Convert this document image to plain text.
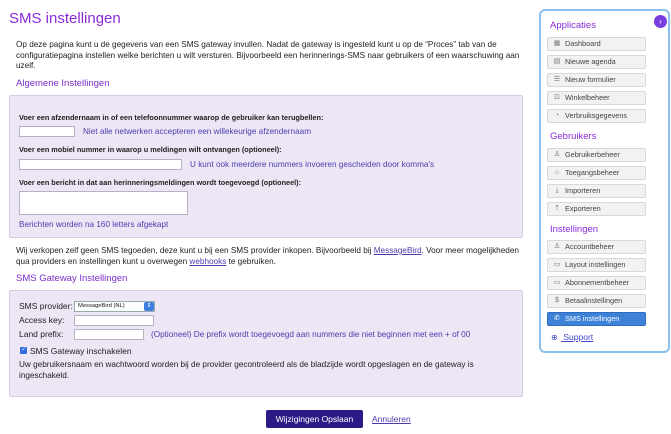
SMS instellingen

Op deze pagina kunt u de gegevens van een SMS gateway invullen. Nadat de gateway is ingesteld kunt u op de “Proces” tab van de configuratiepagina instellen welke berichten u wilt versturen. Bijvoorbeeld een herinnerings-SMS naar gebruikers of een waarschuwing aan uzelf.

Algemene Instellingen
Voer een afzendernaam in of een telefoonnummer waarop de gebruiker kan terugbellen:
Niet alle netwerken accepteren een willekeurige afzendernaam
Voer een mobiel nummer in waarop u meldingen wilt ontvangen (optioneel):
U kunt ook meerdere nummers invoeren gescheiden door komma's
Voer een bericht in dat aan herinneringsmeldingen wordt toegevoegd (optioneel):
Berichten worden na 160 letters afgekapt

Wij verkopen zelf geen SMS tegoeden, deze kunt u bij een SMS provider inkopen. Bijvoorbeeld bij MessageBird. Voor meer mogelijkheden qua providers en instellingen kunt u overwegen webhooks te gebruiken.

SMS Gateway Instellingen
SMS provider: MessageBird (NL)	⇕
Access key:
Land prefix:	(Optioneel) De prefix wordt toegevoegd aan nummers die niet beginnen met een + of 00
✓ SMS Gateway inschakelen
Uw gebruikersnaam en wachtwoord worden bij de provider gecontroleerd als de bladzijde wordt opgeslagen en de gateway is ingeschakeld.
Wijzigingen Opslaan	Annuleren
Applicaties
▦ Dashboard
▤ Nieuwe agenda
☰ Nieuw formulier
⊡ Winkelbeheer
◔ Verbruiksgegevens
Gebruikers
♙ Gebruikerbeheer
⌂ Toegangsbeheer
⤓ Importeren
⤒ Exporteren
Instellingen
♙ Accountbeheer
▭ Layout instellingen
▭ Abonnementbeheer
$ Betaalinstellingen
✆ SMS instellingen
⊕ Support
›
